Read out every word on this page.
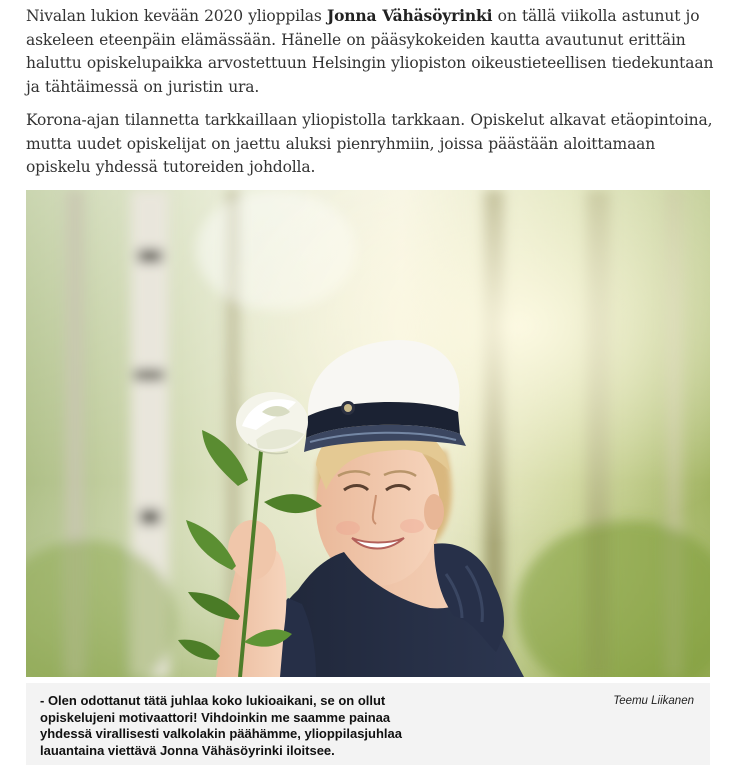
Nivalan lukion kevään 2020 ylioppilas Jonna Vähäsöyrinki on tällä viikolla astunut jo askeleen eteenpäin elämässään. Hänelle on pääsykokeiden kautta avautunut erittäin haluttu opiskelupaikka arvostettuun Helsingin yliopiston oikeustieteellisen tiedekuntaan ja tähtäimessä on juristin ura.

Korona-ajan tilannetta tarkkaillaan yliopistolla tarkkaan. Opiskelut alkavat etäopintoina, mutta uudet opiskelijat on jaettu aluksi pienryhmiin, joissa päästään aloittamaan opiskelu yhdessä tutoreiden johdolla.

- Olen odottanut tätä juhlaa koko lukioaikani, se on ollut opiskelujeni motivaattori! Vihdoinkin me saamme painaa yhdessä virallisesti valkolakin päähämme, ylioppilasjuhlaa lauantaina viettävä Jonna Vähäsöyrinki iloitsee.

Teemu Liikanen
